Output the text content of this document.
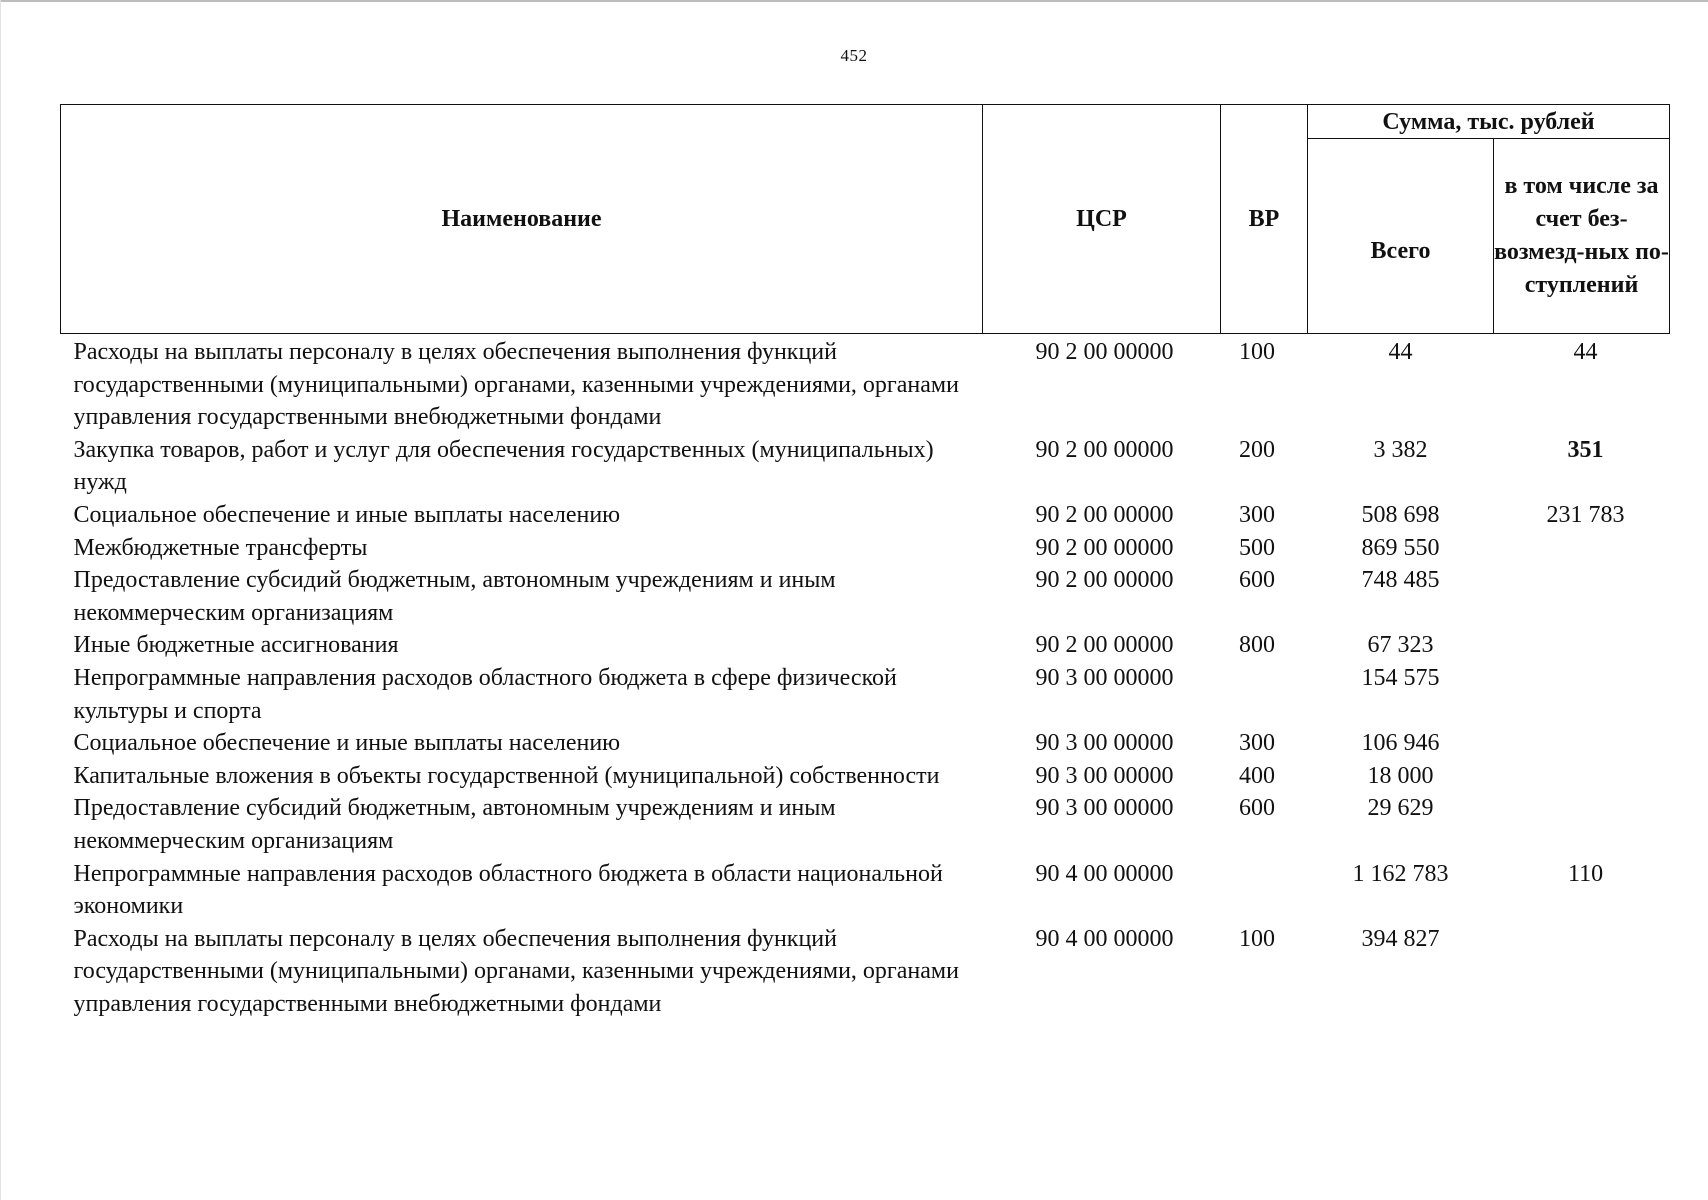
452
Наименование	ЦСР	ВР	Сумма, тыс. рублей	
			Всего	в том числе за счет без-возмезд-ных по-ступлений
Расходы на выплаты персоналу в целях обеспечения выполнения функций государственными (муниципальными) органами, казенными учреждениями, органами управления государственными внебюджетными фондами	90 2 00 00000	100	44	44
Закупка товаров, работ и услуг для обеспечения государственных (муниципальных) нужд	90 2 00 00000	200	3 382	351
Социальное обеспечение и иные выплаты населению	90 2 00 00000	300	508 698	231 783
Межбюджетные трансферты	90 2 00 00000	500	869 550	
Предоставление субсидий бюджетным, автономным учреждениям и иным некоммерческим организациям	90 2 00 00000	600	748 485	
Иные бюджетные ассигнования	90 2 00 00000	800	67 323	
Непрограммные направления расходов областного бюджета в сфере физической культуры и спорта	90 3 00 00000		154 575	
Социальное обеспечение и иные выплаты населению	90 3 00 00000	300	106 946	
Капитальные вложения в объекты государственной (муниципальной) собственности	90 3 00 00000	400	18 000	
Предоставление субсидий бюджетным, автономным учреждениям и иным некоммерческим организациям	90 3 00 00000	600	29 629	
Непрограммные направления расходов областного бюджета в области национальной экономики	90 4 00 00000		1 162 783	110
Расходы на выплаты персоналу в целях обеспечения выполнения функций государственными (муниципальными) органами, казенными учреждениями, органами управления государственными внебюджетными фондами	90 4 00 00000	100	394 827	
